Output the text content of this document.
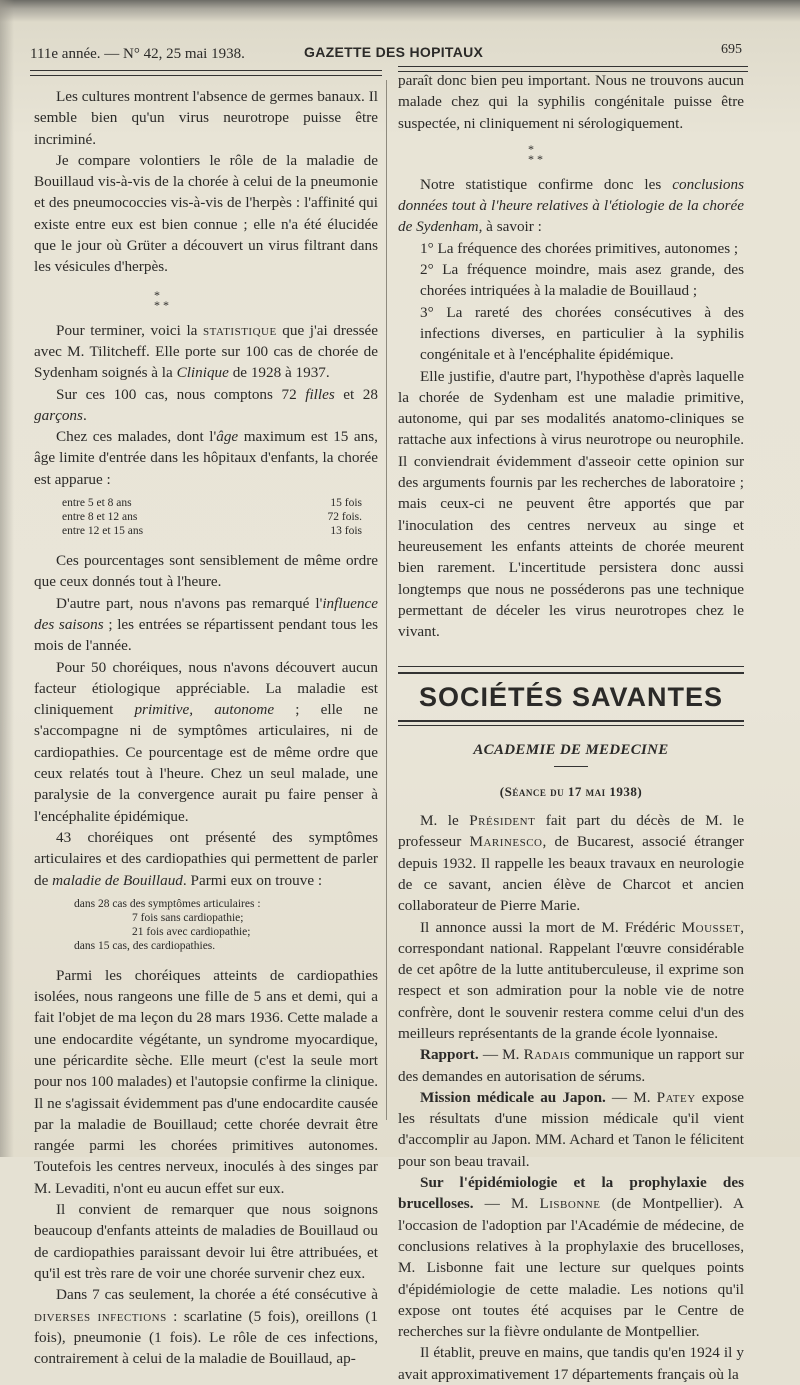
111e année. — N° 42, 25 mai 1938.	GAZETTE DES HOPITAUX	695

Les cultures montrent l'absence de germes banaux. Il semble bien qu'un virus neurotrope puisse être incriminé.

Je compare volontiers le rôle de la maladie de Bouillaud vis-à-vis de la chorée à celui de la pneumonie et des pneumococcies vis-à-vis de l'herpès : l'affinité qui existe entre eux est bien connue ; elle n'a été élucidée que le jour où Grüter a découvert un virus filtrant dans les vésicules d'herpès.

*
* *

Pour terminer, voici la statistique que j'ai dressée avec M. Tilitcheff. Elle porte sur 100 cas de chorée de Sydenham soignés à la Clinique de 1928 à 1937.

Sur ces 100 cas, nous comptons 72 filles et 28 garçons.

Chez ces malades, dont l'âge maximum est 15 ans, âge limite d'entrée dans les hôpitaux d'enfants, la chorée est apparue :

entre 5 et 8 ans	15 fois
entre 8 et 12 ans	72 fois.
entre 12 et 15 ans	13 fois

Ces pourcentages sont sensiblement de même ordre que ceux donnés tout à l'heure.

D'autre part, nous n'avons pas remarqué l'influence des saisons ; les entrées se répartissent pendant tous les mois de l'année.

Pour 50 choréiques, nous n'avons découvert aucun facteur étiologique appréciable. La maladie est cliniquement primitive, autonome ; elle ne s'accompagne ni de symptômes articulaires, ni de cardiopathies. Ce pourcentage est de même ordre que ceux relatés tout à l'heure. Chez un seul malade, une paralysie de la convergence aurait pu faire penser à l'encéphalite épidémique.

43 choréiques ont présenté des symptômes articulaires et des cardiopathies qui permettent de parler de maladie de Bouillaud. Parmi eux on trouve :

dans 28 cas des symptômes articulaires :
7 fois sans cardiopathie;
21 fois avec cardiopathie;
dans 15 cas, des cardiopathies.

Parmi les choréiques atteints de cardiopathies isolées, nous rangeons une fille de 5 ans et demi, qui a fait l'objet de ma leçon du 28 mars 1936. Cette malade a une endocardite végétante, un syndrome myocardique, une péricardite sèche. Elle meurt (c'est la seule mort pour nos 100 malades) et l'autopsie confirme la clinique. Il ne s'agissait évidemment pas d'une endocardite causée par la maladie de Bouillaud; cette chorée devrait être rangée parmi les chorées primitives autonomes. Toutefois les centres nerveux, inoculés à des singes par M. Levaditi, n'ont eu aucun effet sur eux.

Il convient de remarquer que nous soignons beaucoup d'enfants atteints de maladies de Bouillaud ou de cardiopathies paraissant devoir lui être attribuées, et qu'il est très rare de voir une chorée survenir chez eux.

Dans 7 cas seulement, la chorée a été consécutive à diverses infections : scarlatine (5 fois), oreillons (1 fois), pneumonie (1 fois). Le rôle de ces infections, contrairement à celui de la maladie de Bouillaud, ap-

paraît donc bien peu important. Nous ne trouvons aucun malade chez qui la syphilis congénitale puisse être suspectée, ni cliniquement ni sérologiquement.

*
* *

Notre statistique confirme donc les conclusions données tout à l'heure relatives à l'étiologie de la chorée de Sydenham, à savoir :

1° La fréquence des chorées primitives, autonomes ;

2° La fréquence moindre, mais asez grande, des chorées intriquées à la maladie de Bouillaud ;

3° La rareté des chorées consécutives à des infections diverses, en particulier à la syphilis congénitale et à l'encéphalite épidémique.

Elle justifie, d'autre part, l'hypothèse d'après laquelle la chorée de Sydenham est une maladie primitive, autonome, qui par ses modalités anatomo-cliniques se rattache aux infections à virus neurotrope ou neurophile. Il conviendrait évidemment d'asseoir cette opinion sur des arguments fournis par les recherches de laboratoire ; mais ceux-ci ne peuvent être apportés que par l'inoculation des centres nerveux au singe et heureusement les enfants atteints de chorée meurent bien rarement. L'incertitude persistera donc aussi longtemps que nous ne posséderons pas une technique permettant de déceler les virus neurotropes chez le vivant.

SOCIÉTÉS SAVANTES
ACADEMIE DE MEDECINE
(Séance du 17 mai 1938)

M. le Président fait part du décès de M. le professeur Marinesco, de Bucarest, associé étranger depuis 1932. Il rappelle les beaux travaux en neurologie de ce savant, ancien élève de Charcot et ancien collaborateur de Pierre Marie.

Il annonce aussi la mort de M. Frédéric Mousset, correspondant national. Rappelant l'œuvre considérable de cet apôtre de la lutte antituberculeuse, il exprime son respect et son admiration pour la noble vie de notre confrère, dont le souvenir restera comme celui d'un des meilleurs représentants de la grande école lyonnaise.

Rapport. — M. Radais communique un rapport sur des demandes en autorisation de sérums.

Mission médicale au Japon. — M. Patey expose les résultats d'une mission médicale qu'il vient d'accomplir au Japon. MM. Achard et Tanon le félicitent pour son beau travail.

Sur l'épidémiologie et la prophylaxie des brucelloses. — M. Lisbonne (de Montpellier). A l'occasion de l'adoption par l'Académie de médecine, de conclusions relatives à la prophylaxie des brucelloses, M. Lisbonne fait une lecture sur quelques points d'épidémiologie de cette maladie. Les notions qu'il expose ont toutes été acquises par le Centre de recherches sur la fièvre ondulante de Montpellier.

Il établit, preuve en mains, que tandis qu'en 1924 il y avait approximativement 17 départements français où la
